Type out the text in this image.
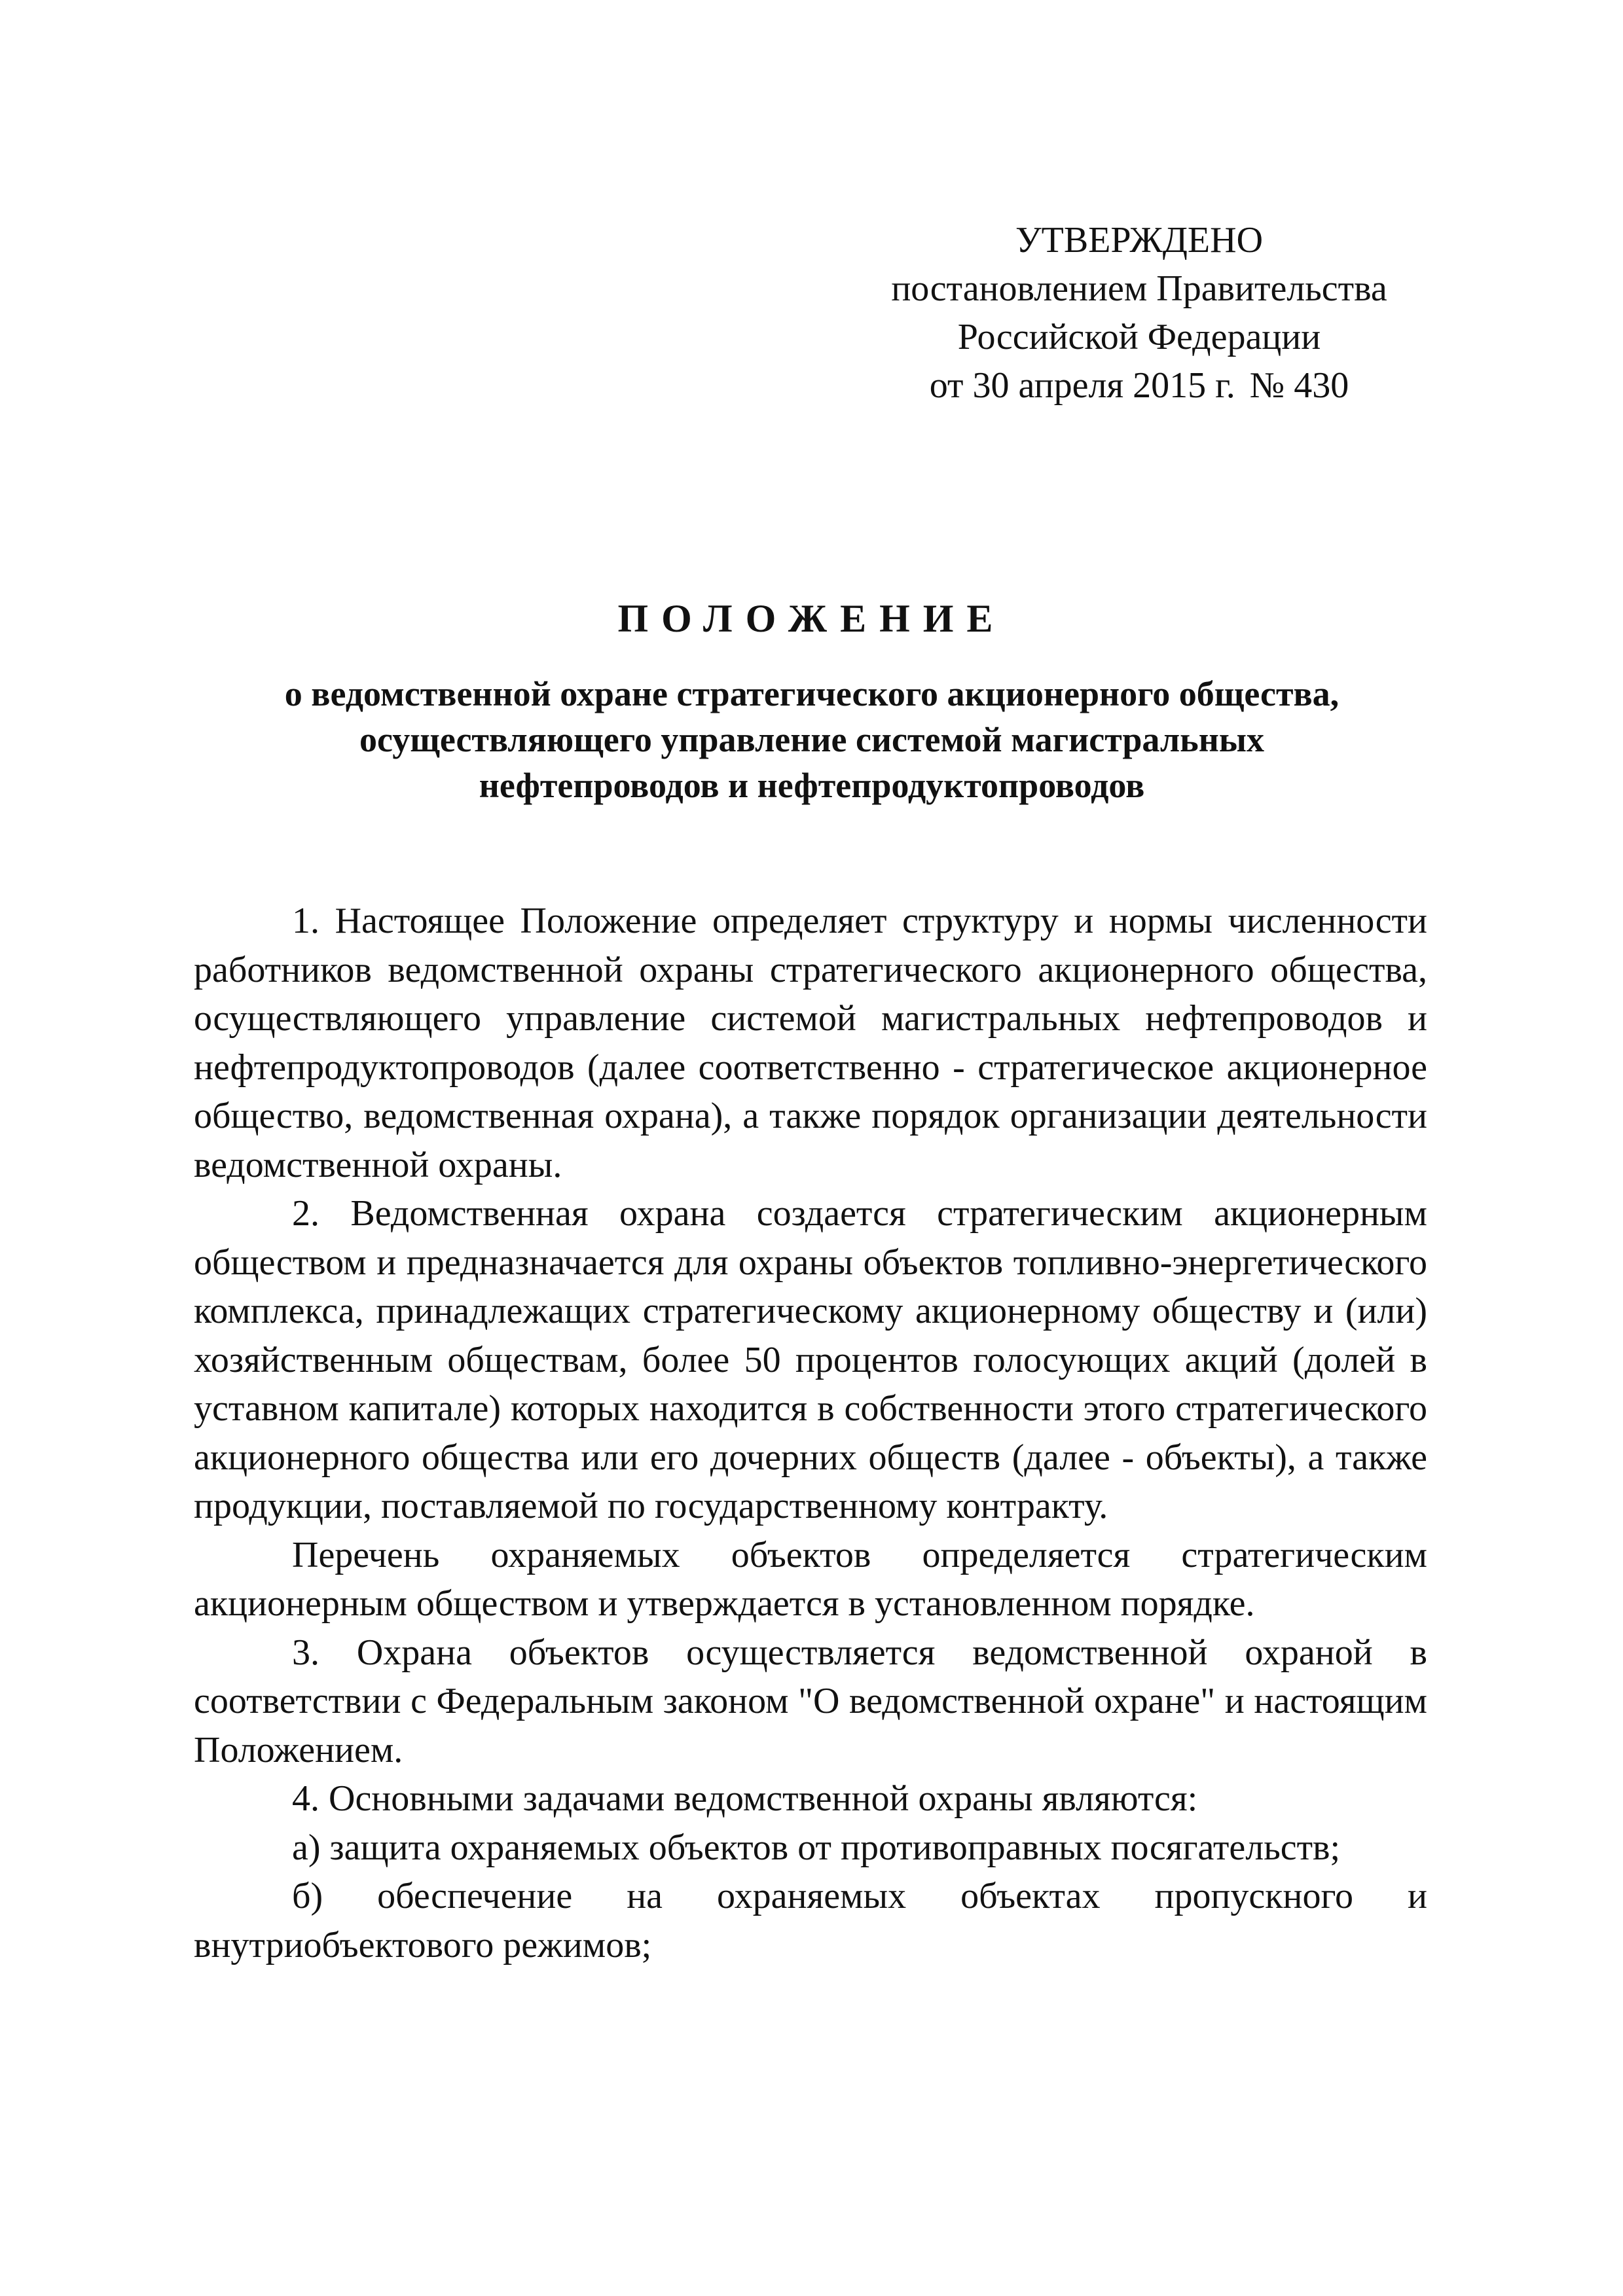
УТВЕРЖДЕНО
постановлением Правительства
Российской Федерации
от 30 апреля 2015 г. № 430
ПОЛОЖЕНИЕ
о ведомственной охране стратегического акционерного общества,
осуществляющего управление системой магистральных
нефтепроводов и нефтепродуктопроводов

1. Настоящее Положение определяет структуру и нормы численности работников ведомственной охраны стратегического акционерного общества, осуществляющего управление системой магистральных нефтепроводов и нефтепродуктопроводов (далее соответственно - стратегическое акционерное общество, ведомственная охрана), а также порядок организации деятельности ведомственной охраны.

2. Ведомственная охрана создается стратегическим акционерным обществом и предназначается для охраны объектов топливно-энергетического комплекса, принадлежащих стратегическому акционерному обществу и (или) хозяйственным обществам, более 50 процентов голосующих акций (долей в уставном капитале) которых находится в собственности этого стратегического акционерного общества или его дочерних обществ (далее - объекты), а также продукции, поставляемой по государственному контракту.

Перечень охраняемых объектов определяется стратегическим акционерным обществом и утверждается в установленном порядке.

3. Охрана объектов осуществляется ведомственной охраной в соответствии с Федеральным законом "О ведомственной охране" и настоящим Положением.

4. Основными задачами ведомственной охраны являются:

а) защита охраняемых объектов от противоправных посягательств;

б) обеспечение на охраняемых объектах пропускного и внутриобъектового режимов;
